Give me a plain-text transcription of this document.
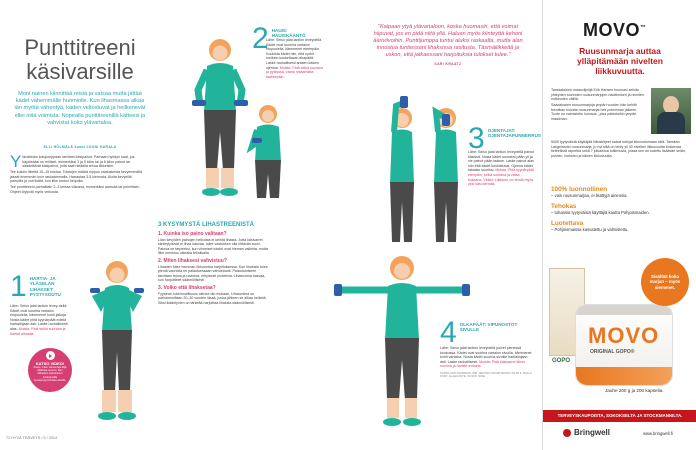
Punttitreeni
käsivarsille
Moni nainen kiinnittää reisiä ja vatsaa mutta jättää kädet vähemmälle huomiolle. Kun lihasmassa alkaa iän myötä vähentyä, käden veltostuvat ja heilkenevät ellei niitä voimista. Nopealla punttitreenillä kätteesi ja vahvistat koko ylävartaloa.
ELLI HÖLMÄLÄ kuvat JOUNI HARALA

Yläväristan kolujumppaan tarvitset käsipainot. Parhaan hyödyn saat, jos käytössäsi on erilliset, esimerkiksi 3 ja 5 kilon tai ja 6 kilon painot tai säädettävät käsipainot, joita saat nittäalla tehua liikkeisiin.

Tee kuluiin liikettä 10–15 toistoa. Toistojen määrä riippuu vaatuskesta kevyemmällä jaksat enemmän kuin raskaammalla. Harrastaa 3-5 kierrosta. Aloita kevyeillä painoilla ja voit lisätä, kun liike tuntuu helpolta.

Tee punttitreeni parhaittain 2–3 kertaa viikossa, esimerkiksi aamulla tai pulmittain. Ohjeet löytyvät myös verkosta.

1 HARTIA- JA YLÄSELÄN LIHAKSET: PYSTYSOUTU
Lähe: Seiso jalat lantion levey-dellä. Kädet ovat suorina vartalon etupuolella, kämmenet kohti jalkoja. Nosta kädet yhtä kyynärpäät edellä hartialinjaan asti. Laske rauhallisesti alas. Muista: Pidä selkä suorana ja hartiat alhaalla.
KATSO VIDEO!
Katso, miten valmentaja Elja Matinlaa neuvoo. Sen liikkeiden toteutuksen käsipainoilla hyvaterveys.fi/video-sivuille.
72 HYVÄ TERVEYS / 9 / 2014
2 HAUIS: HAUISKÄÄNTÖ
Lähe: Seiso jalat lantion leveydellä. Kädet ovat suorina vartalon etupuolella, kämmenet eteenpäin. Koukista kädet niin, että nyrkit melkein koskettavat olkapäitä. Laske rauhallisesti antaen käsien ojentua. Muista: Pidä selkä suorana ja pystyssä, vaara rysäamatta taaksepäin.
3 KYSYMYSTÄ LIHASTREENISTÄ
1. Kuinka iso paino valitaan?

Liian kevyiden painojen heikolsta ei kehitä lihasta. Jotta käsivarret kiinteytyisivät ei lihas kasvaa, tulee vastuksen olla riittävän suuri. Painoa on tarpeeksi, kun viimeiset toistot ovat hieman vaikeita, mutta liike onnistuu oikealla tekniikalla.

2. Miten lihaksesi vahvistuu?

Lihasten tulee hemman rikkoontua harjoituksessa. Kun lihaksiin tulee pieniä vaurioita ne palautuessaan vahvistuvat. Palautumiseen tarvitaan lepoa ja ravintoa, erityisesti proteiinia. Lihasvoima kasvaa, kun harjoittelet säännöllisesti.

3. Voiko että lihaksetaa?

Fyysinen toiminnalllisuus alenee iän mukaan. Lihasvoima on parhaimmillaan 20–30 vuoden iässä, jonka jälkeen se alkaa heiketä. Siksi ikääntyvien on tärkeää harjoittaa lihaksia säännöllisesti.

"Kaipaan ytyä ylävartaloon, koska huomasin, että voimat hiipuvat, jos en pidä niitä yllä. Haluan myös kiinteyttä kehoni ääriviivoihin. Punttijumppa tuntui aluksi raskaalta, mutta alan innostua tuntiessani lihaksissa rasitusta. Täsmäliikkeitä ja uskon, että jatkaessani harjoituksia tulokset tulee."
SARI KRAATZ
3 OJENTAJAT: OJENTAJAPUNNERRUS
Lähe: Seiso jalat lantion leveydellä painot käsissä. Nosta kädet suoraksi pään yli ja vie painot pään taakse. Laske painot alas niin että kädet koukistuvat. Ojenna kädet takaisin suoriksi. Muista: Pidä kyynärpäät etenpäin, selkä suorana ja vatsa tiukkana. Vinkki: Liikkeen voi tehdä myös yksi käsi kerralla.
4 OLKAPÄÄT: VIPUNOSTOT SIVULLE
Lähe: Seiso jalat lantion leveydellä polvet pienessä koukussa. Kädet ovat suorina vartalon sivuilla, kämmenet kohti vartaloa. Nosta kädet suorina sivuille hartialinjaan asti. Laske rauhallisesti. Muista: Pidä käsivarret lähes suorina ja hartiat rentoina.
KAPPA-ASTU/SAMPEIN: 65€. SENTON-SPORTISKIRTA 54,90 €, PAALU PORT. ALAHUOSTE: 39,90 €. NIKE.
MOVO™
Ruusunmarja auttaa ylläpitämään nivelten liikkuvuutta.

Tanskalainen maanviljelijä Erik Hansen huomasi selvän yhteyden tuoreiden ruusunmarjojen nauttimisen ja nivelten notkeuden välillä.

Saadakseen ruusunmarjoja ympäri vuoden hän kehitti tekniikan kuivata ruusunmarjat heti poiminnan jälkeen. Tuote on valmistettu kuivaus-, joka patentoitiin ympäri maailman.

5000 tyytyväistä käyttäjää kiitoskirjeet saivat tutkijat kiinnostumaan siitä. Tanskan Langelandin ruusunmarja, jo nyt siitä on tehty yli 30 nivelten liikkuvuutta koskevaa tieteellistä raporttia sekä 7 julkaistua tutkimusta, joissa sen on todettu lisäävän selän, polvien, lonkkien ja käsien liikkuvuutta.
100% luonnollinen
– vain ruusunmarjaa, ei lisättyjä aineosia.
Tehokas
– tuhansia tyytyväisiä käyttäjiä kautta Pohjoismaiden.
Luotettava
– Pohjoismaissa kasvatettu ja valmistettu.
GOPO
MOVO
ORIGINAL GOPO®
Sisältää koko marjan – myös siemenet.
Jauhe 200 g ja 200 kapselia.
TERVEYSKAUPOISTA, SOKOKSELTA JA STOCKMANNILTA.
Bringwell	www.bringwell.fi
